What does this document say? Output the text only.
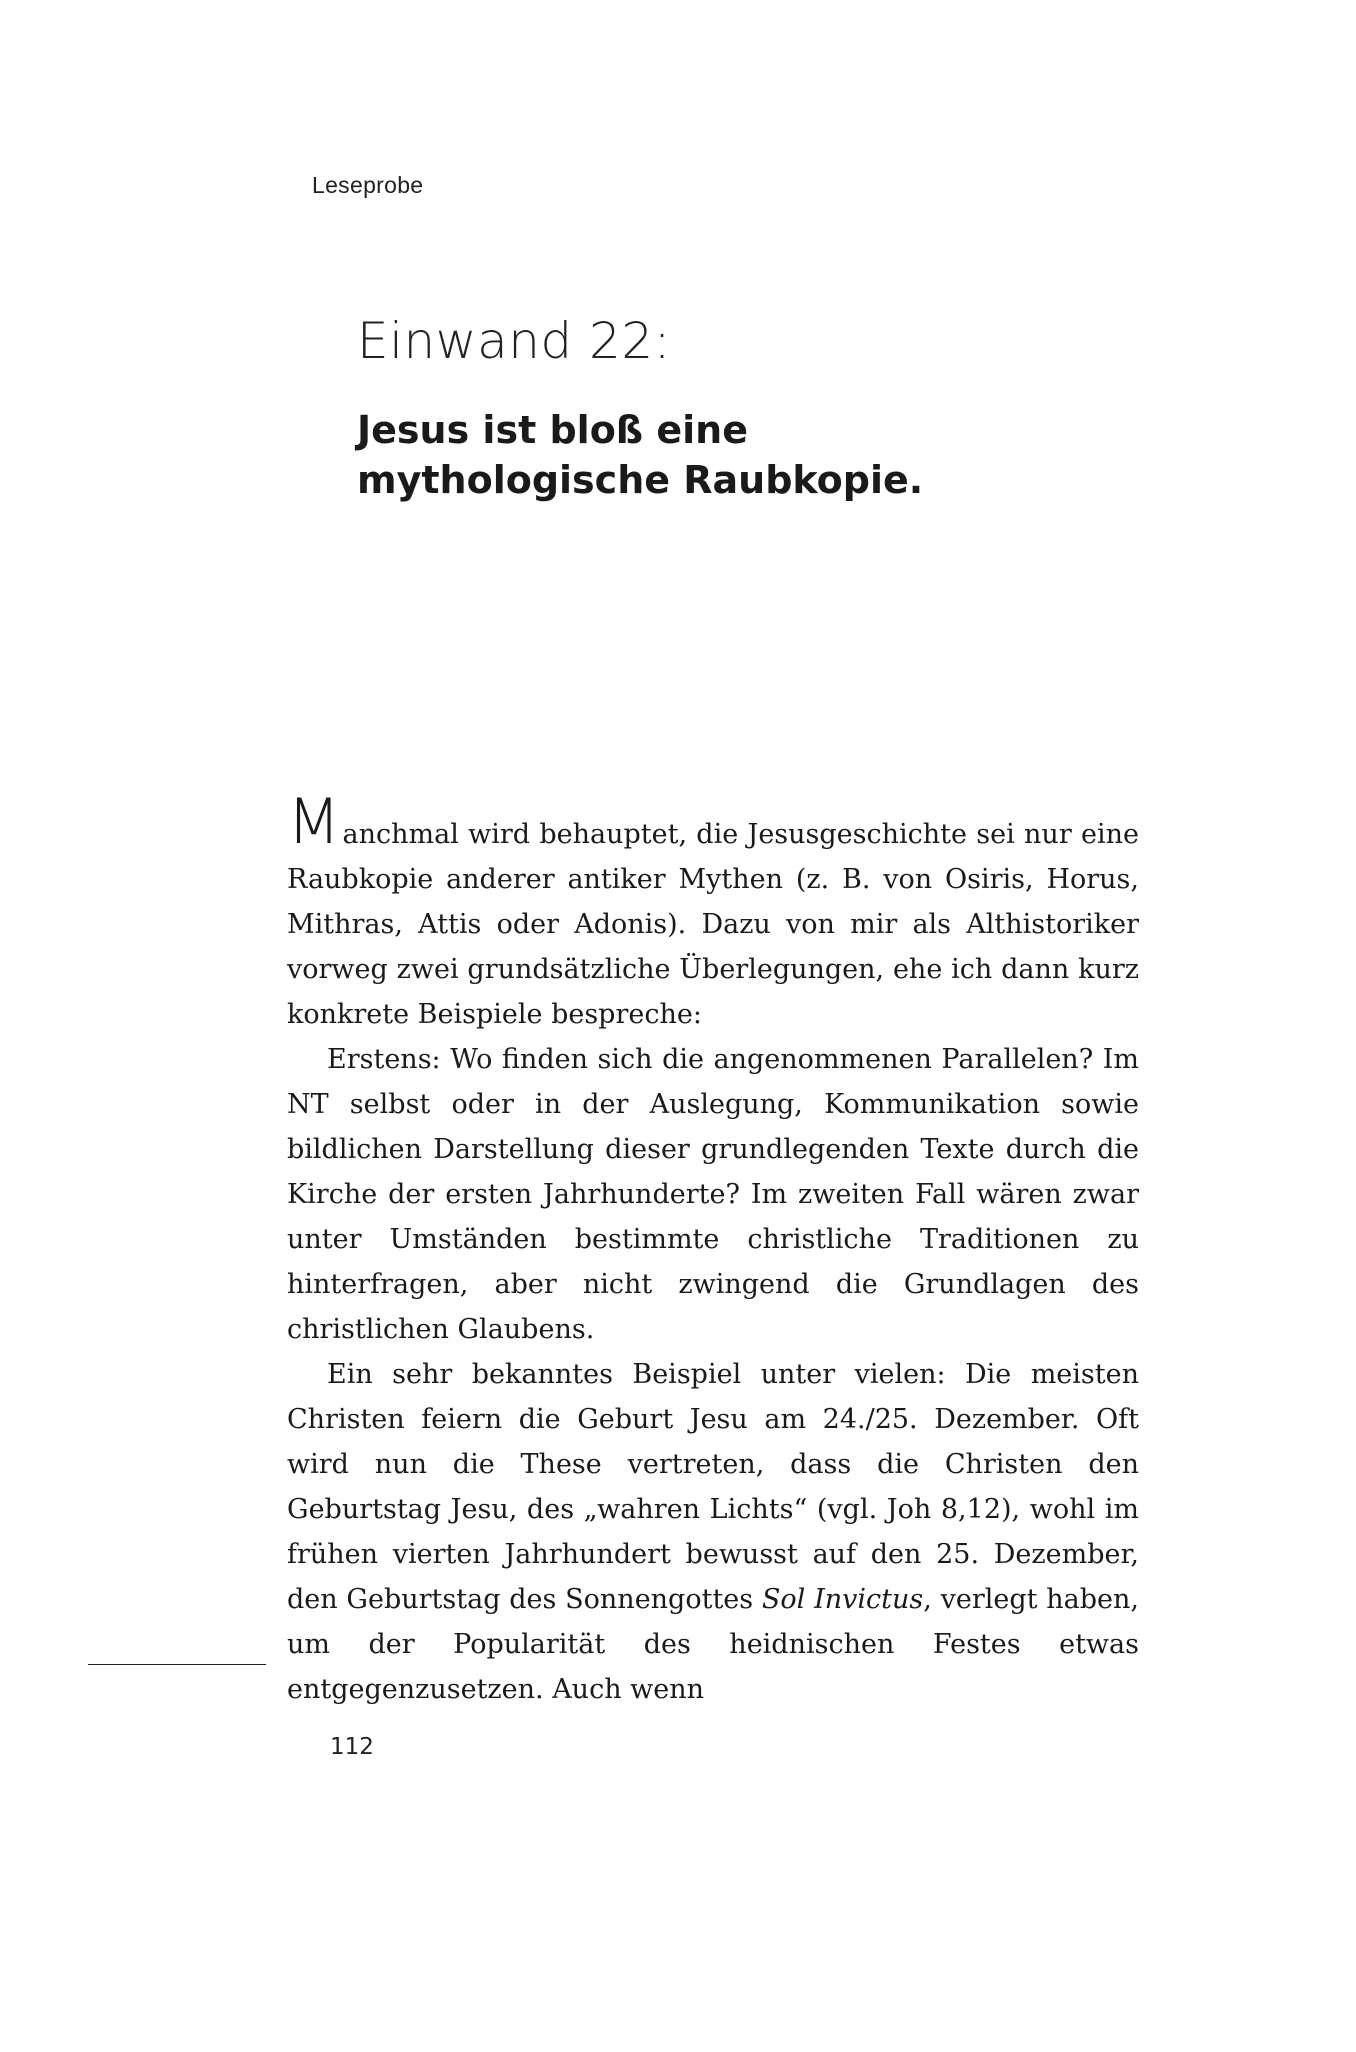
Leseprobe
Einwand 22:
Jesus ist bloß eine mythologische Raubkopie.

Manchmal wird behauptet, die Jesusgeschichte sei nur eine Raubkopie anderer antiker Mythen (z. B. von Osiris, Horus, Mithras, Attis oder Adonis). Dazu von mir als Althistoriker vorweg zwei grundsätzliche Überlegungen, ehe ich dann kurz konkrete Beispiele bespreche:

Erstens: Wo finden sich die angenommenen Parallelen? Im NT selbst oder in der Auslegung, Kommunikation sowie bildlichen Darstellung dieser grundlegenden Texte durch die Kirche der ersten Jahrhunderte? Im zweiten Fall wären zwar unter Umständen bestimmte christliche Traditionen zu hinterfragen, aber nicht zwingend die Grundlagen des christlichen Glaubens.

Ein sehr bekanntes Beispiel unter vielen: Die meisten Christen feiern die Geburt Jesu am 24./25. Dezember. Oft wird nun die These vertreten, dass die Christen den Geburtstag Jesu, des „wahren Lichts“ (vgl. Joh 8,12), wohl im frühen vierten Jahrhundert bewusst auf den 25. Dezember, den Geburtstag des Sonnengottes Sol Invictus, verlegt haben, um der Popularität des heidnischen Festes etwas entgegenzusetzen. Auch wenn

112
